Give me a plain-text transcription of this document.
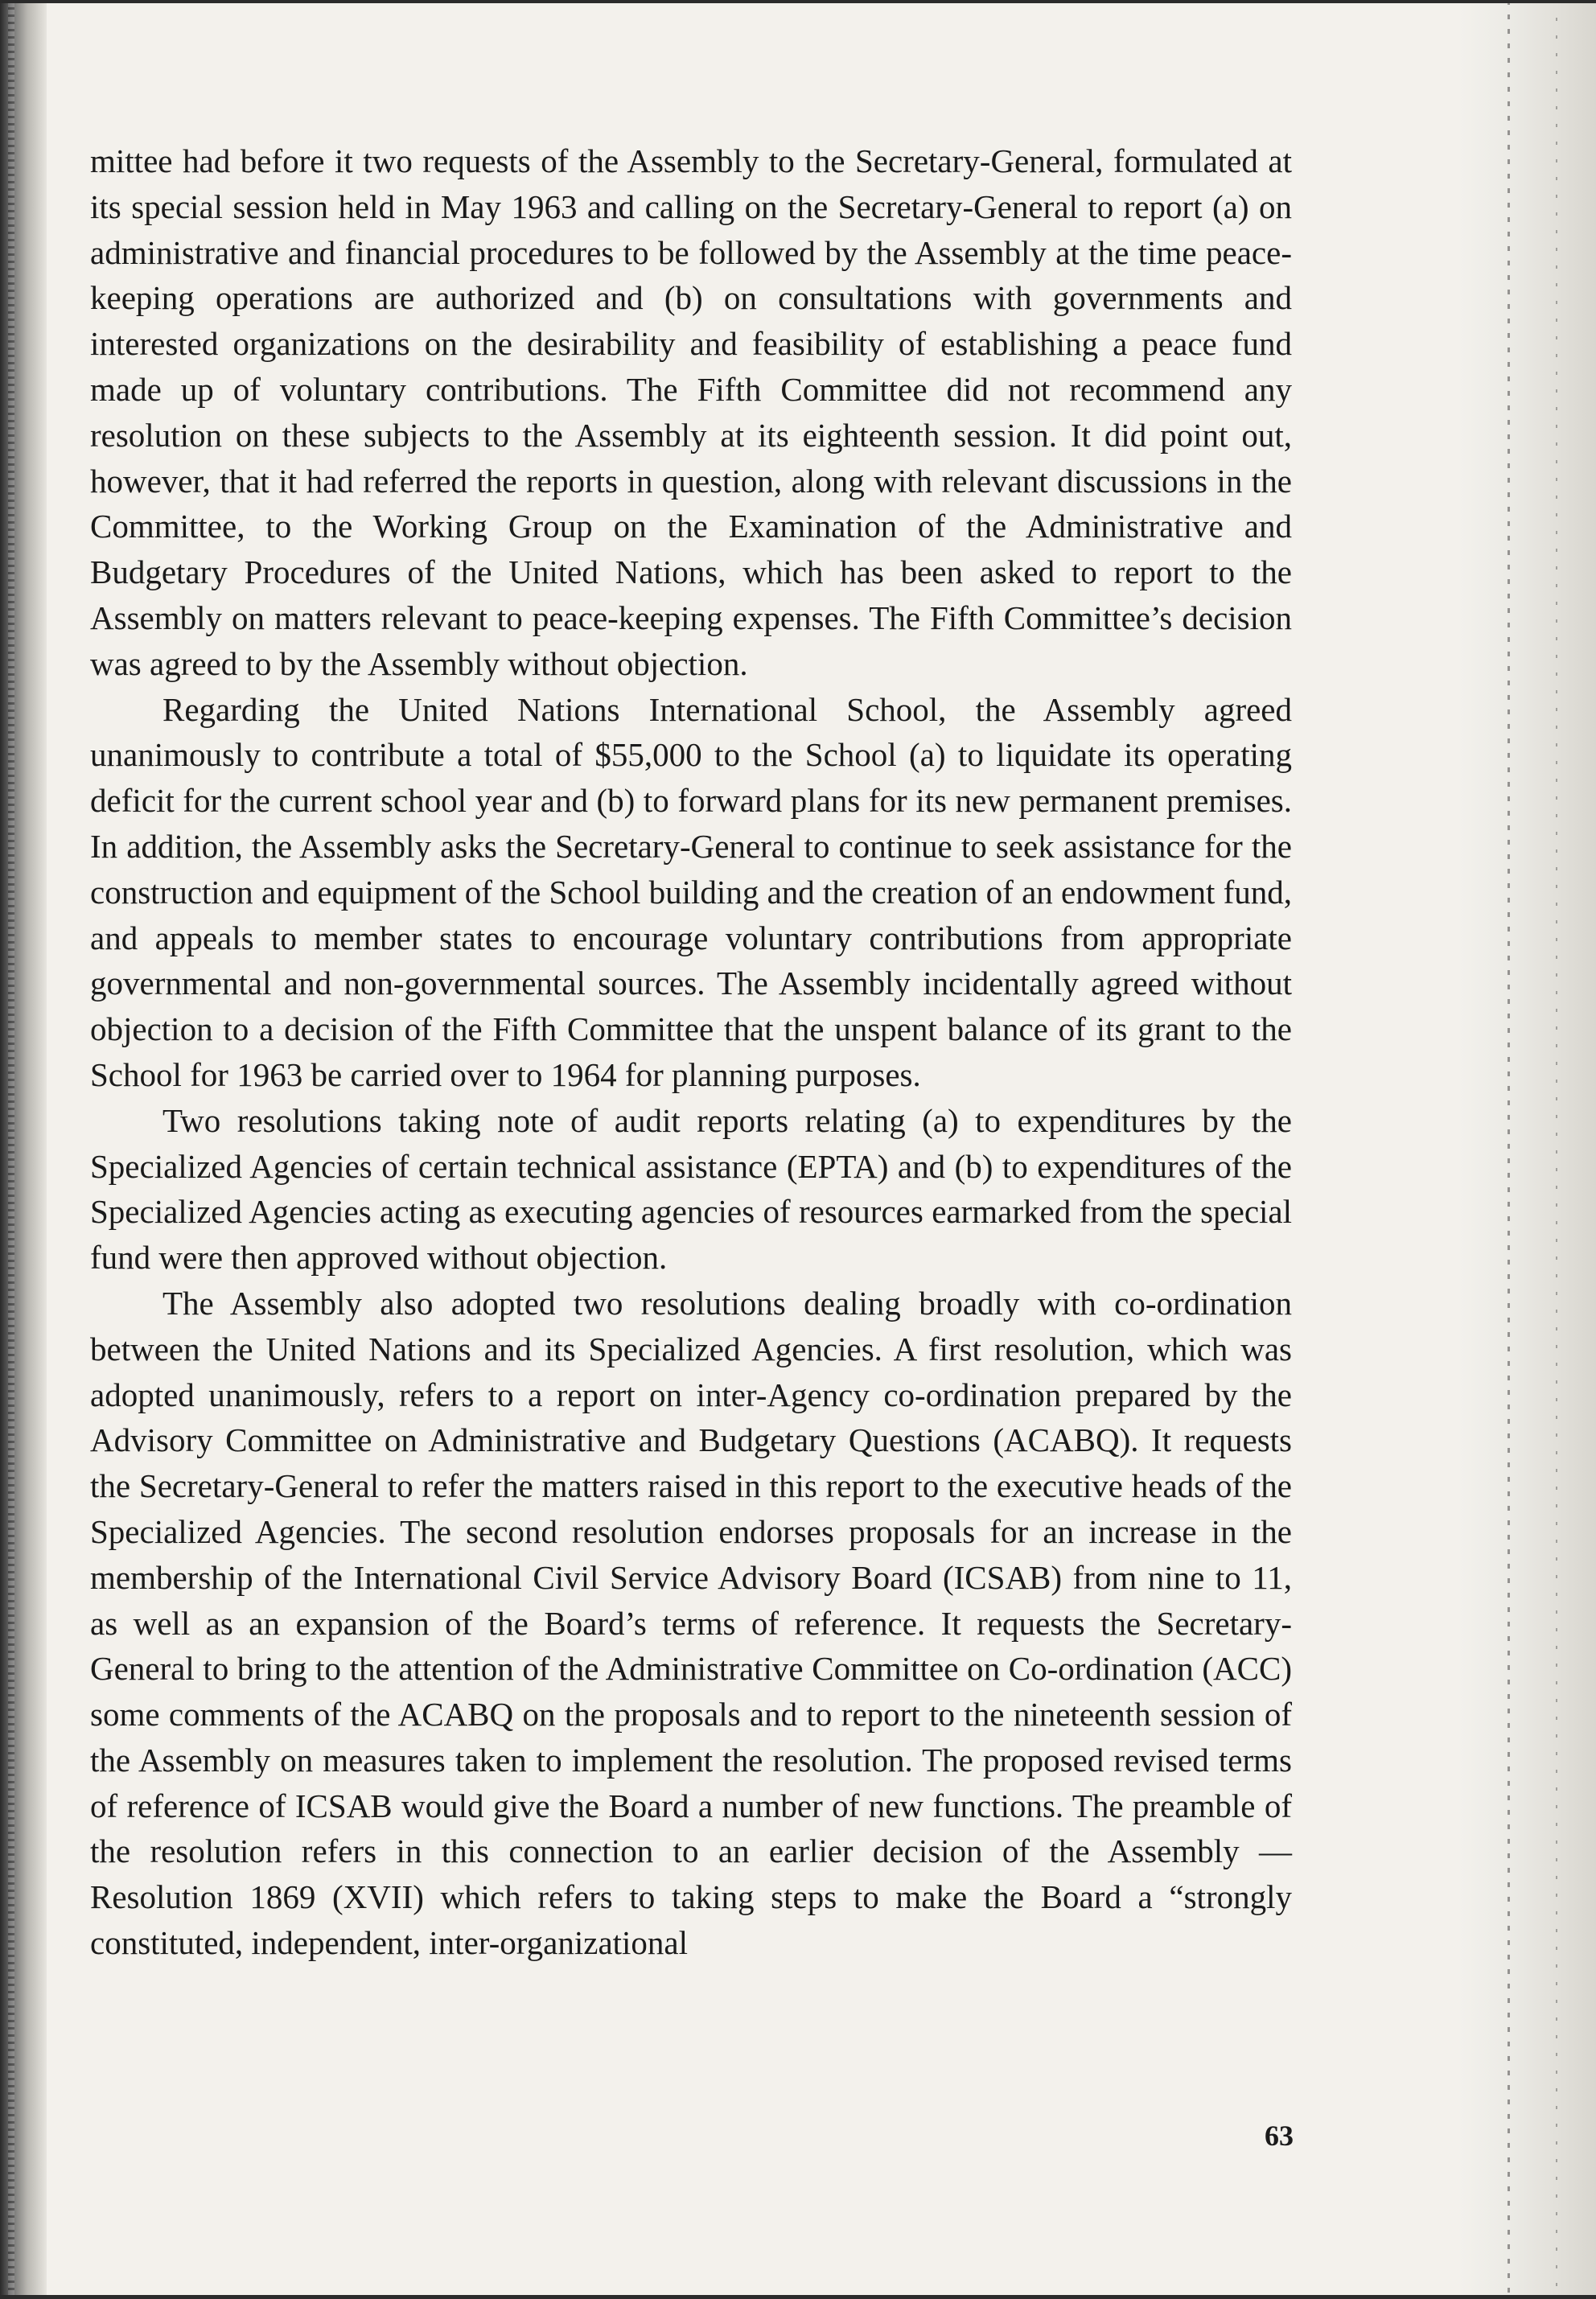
mittee had before it two requests of the Assembly to the Secretary-General, formulated at its special session held in May 1963 and calling on the Secretary-General to report (a) on administrative and financial procedures to be followed by the Assembly at the time peace-keeping operations are authorized and (b) on consultations with governments and interested organizations on the desirability and feasibility of establishing a peace fund made up of voluntary contributions. The Fifth Committee did not recommend any resolution on these subjects to the Assembly at its eighteenth session. It did point out, however, that it had referred the reports in question, along with relevant discussions in the Committee, to the Working Group on the Examination of the Administrative and Budgetary Procedures of the United Nations, which has been asked to report to the Assembly on matters relevant to peace-keeping expenses. The Fifth Committee’s decision was agreed to by the Assembly without objection.

Regarding the United Nations International School, the Assembly agreed unanimously to contribute a total of $55,000 to the School (a) to liquidate its operating deficit for the current school year and (b) to forward plans for its new permanent premises. In addition, the Assembly asks the Secretary-General to continue to seek assistance for the construction and equipment of the School building and the creation of an endowment fund, and appeals to member states to encourage voluntary contributions from appropriate governmental and non-governmental sources. The Assembly incidentally agreed without objection to a decision of the Fifth Committee that the unspent balance of its grant to the School for 1963 be carried over to 1964 for planning purposes.

Two resolutions taking note of audit reports relating (a) to expenditures by the Specialized Agencies of certain technical assistance (EPTA) and (b) to expenditures of the Specialized Agencies acting as executing agencies of resources earmarked from the special fund were then approved without objection.

The Assembly also adopted two resolutions dealing broadly with co-ordination between the United Nations and its Specialized Agencies. A first resolution, which was adopted unanimously, refers to a report on inter-Agency co-ordination prepared by the Advisory Committee on Administrative and Budgetary Questions (ACABQ). It requests the Secretary-General to refer the matters raised in this report to the executive heads of the Specialized Agencies. The second resolution endorses proposals for an increase in the membership of the International Civil Service Advisory Board (ICSAB) from nine to 11, as well as an expansion of the Board’s terms of reference. It requests the Secretary-General to bring to the attention of the Administrative Committee on Co-ordination (ACC) some comments of the ACABQ on the proposals and to report to the nineteenth session of the Assembly on measures taken to implement the resolution. The proposed revised terms of reference of ICSAB would give the Board a number of new functions. The preamble of the resolution refers in this connection to an earlier decision of the Assembly — Resolution 1869 (XVII) which refers to taking steps to make the Board a “strongly constituted, independent, inter-organizational

63
